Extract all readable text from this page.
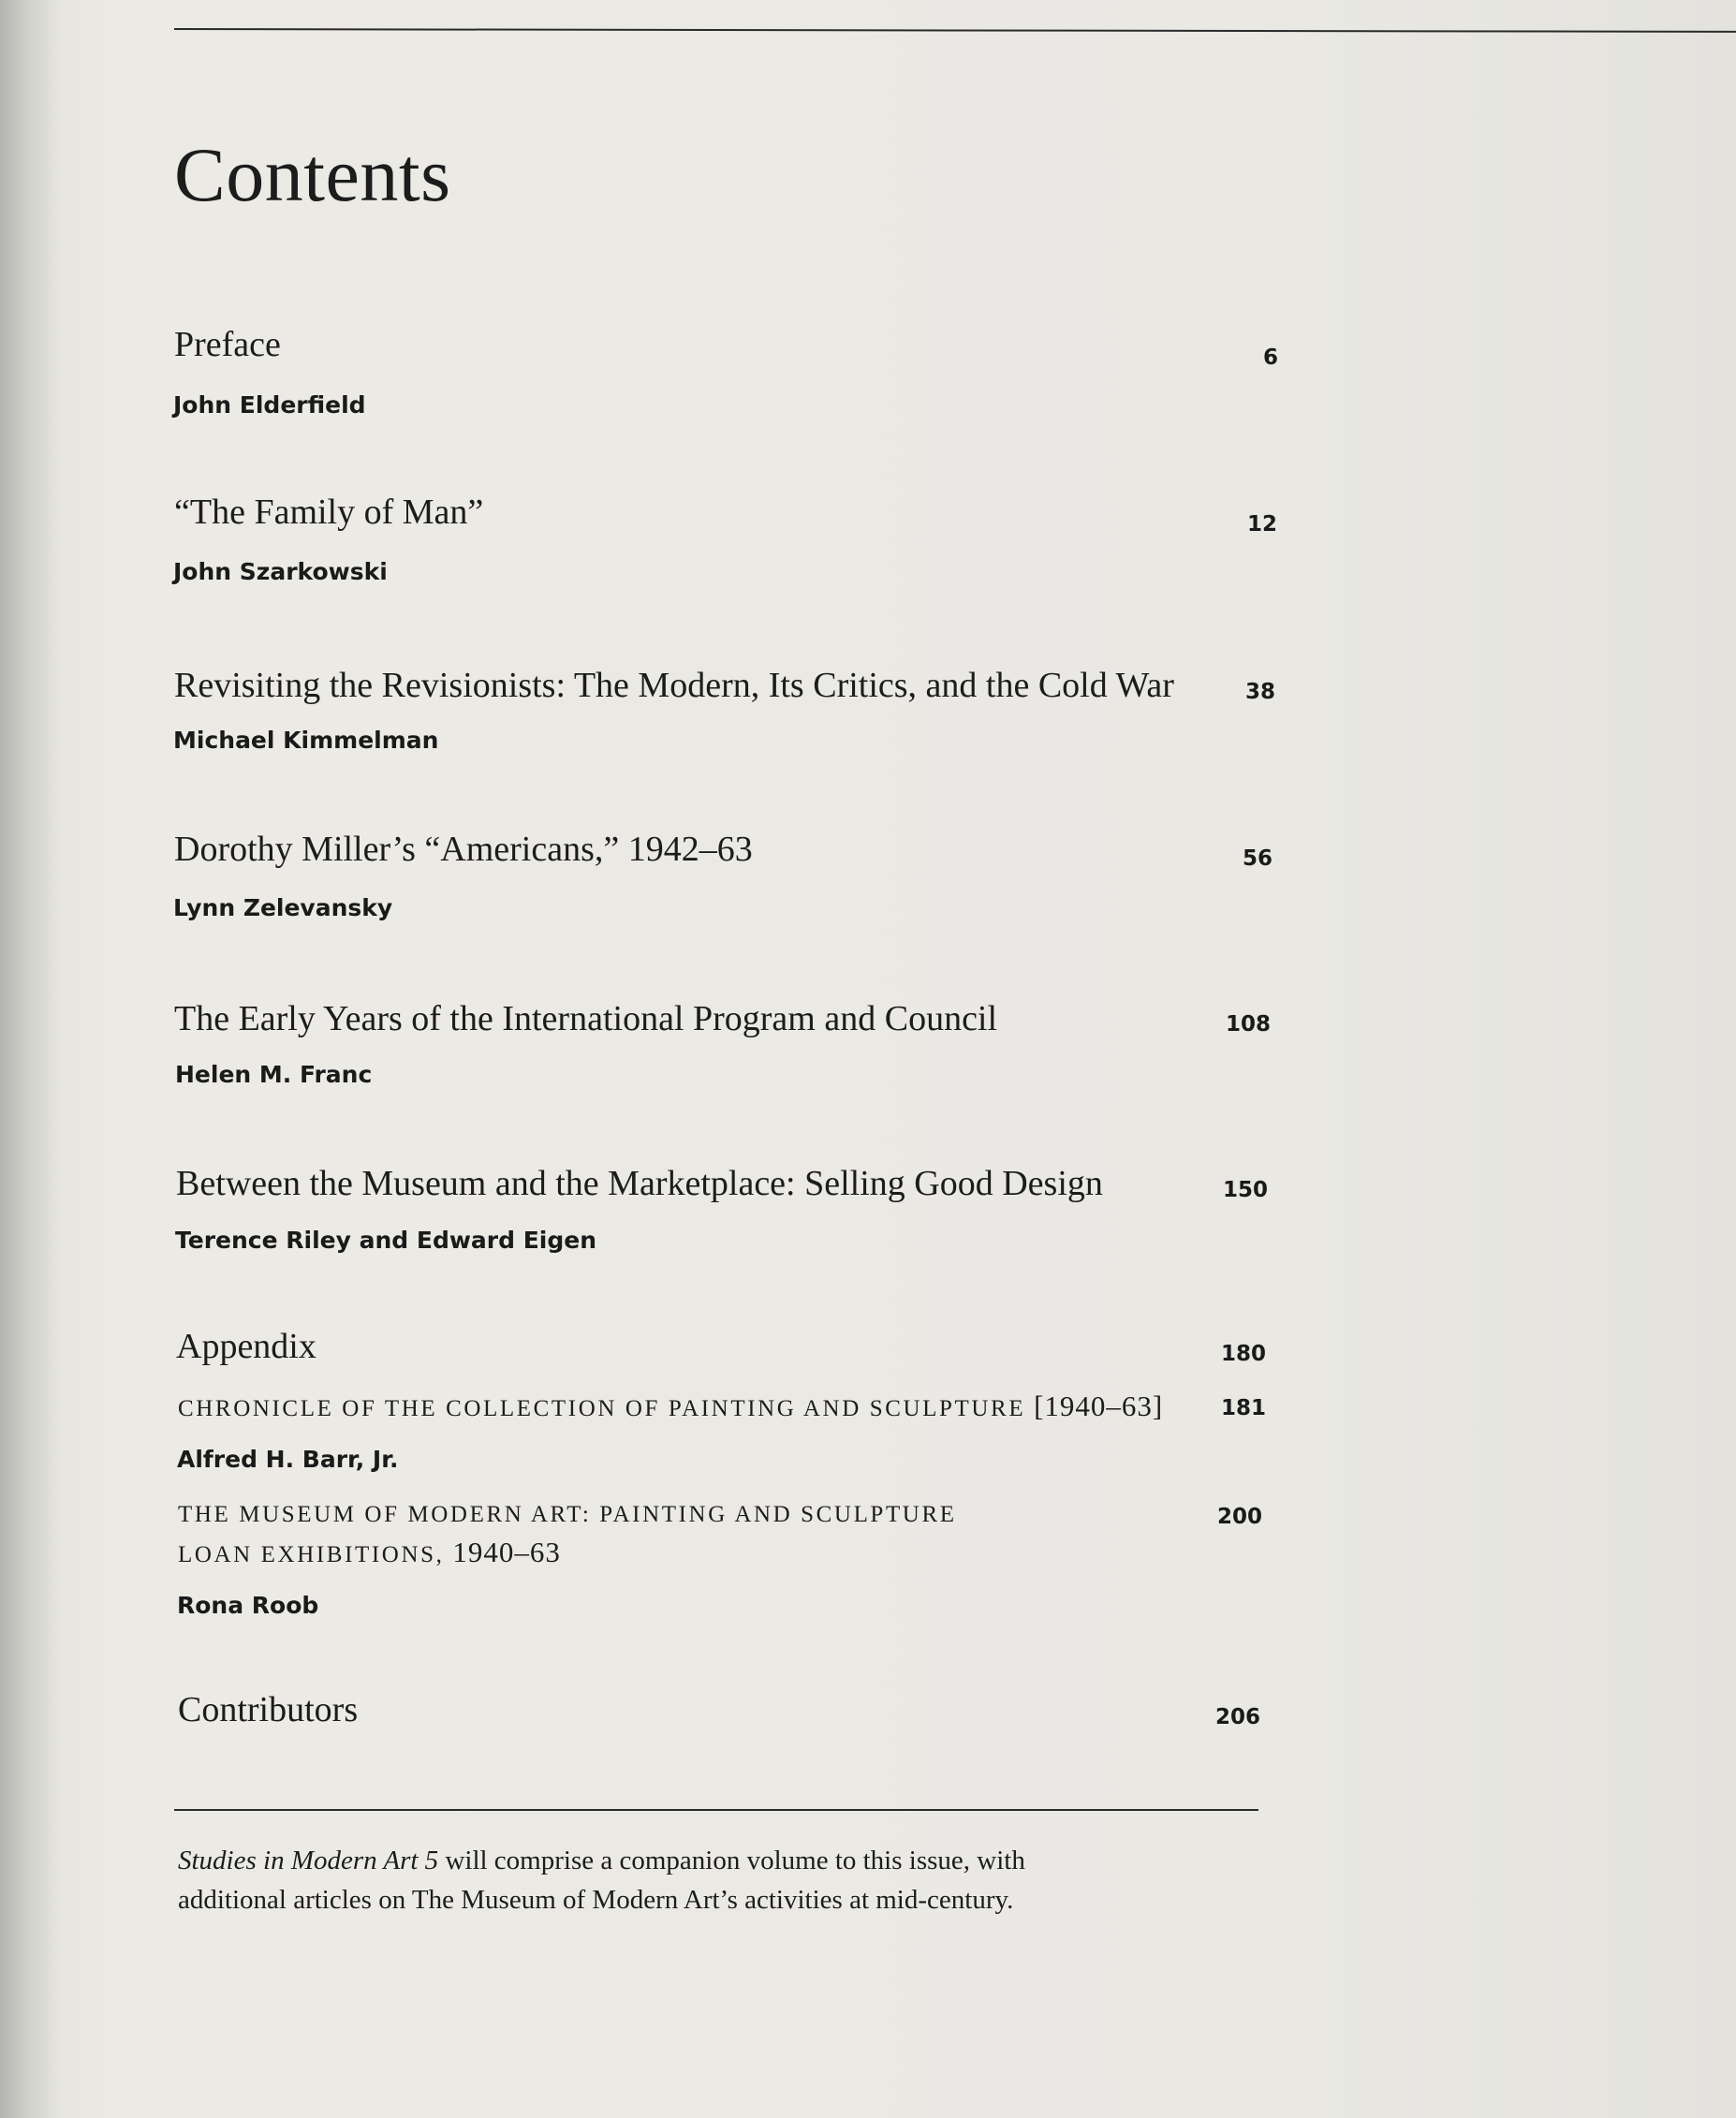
Contents
Preface	6
John Elderfield
“The Family of Man”	12
John Szarkowski
Revisiting the Revisionists: The Modern, Its Critics, and the Cold War	38
Michael Kimmelman
Dorothy Miller’s “Americans,” 1942–63	56
Lynn Zelevansky
The Early Years of the International Program and Council	108
Helen M. Franc
Between the Museum and the Marketplace: Selling Good Design	150
Terence Riley and Edward Eigen
Appendix	180
CHRONICLE OF THE COLLECTION OF PAINTING AND SCULPTURE [1940–63]	181
Alfred H. Barr, Jr.
THE MUSEUM OF MODERN ART: PAINTING AND SCULPTURE	200
LOAN EXHIBITIONS, 1940–63
Rona Roob
Contributors	206
Studies in Modern Art 5 will comprise a companion volume to this issue, with
additional articles on The Museum of Modern Art’s activities at mid-century.
